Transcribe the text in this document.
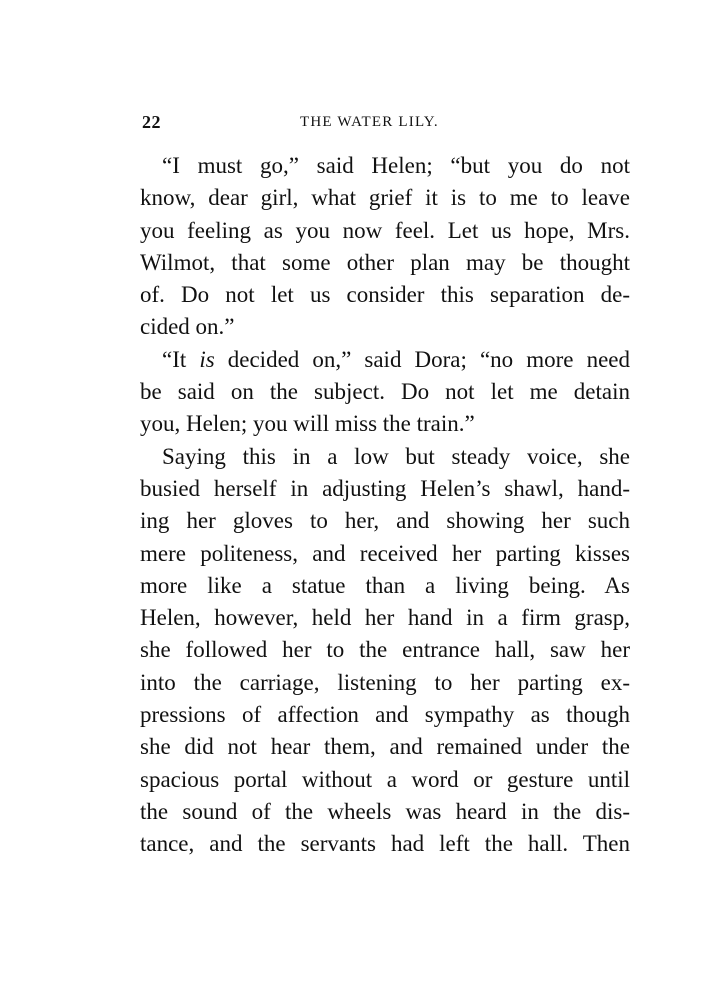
22	THE WATER LILY.
“I must go,” said Helen; “but you do not
know, dear girl, what grief it is to me to leave
you feeling as you now feel. Let us hope, Mrs.
Wilmot, that some other plan may be thought
of. Do not let us consider this separation de-
cided on.”
“It is decided on,” said Dora; “no more need
be said on the subject. Do not let me detain
you, Helen; you will miss the train.”
Saying this in a low but steady voice, she
busied herself in adjusting Helen’s shawl, hand-
ing her gloves to her, and showing her such
mere politeness, and received her parting kisses
more like a statue than a living being. As
Helen, however, held her hand in a firm grasp,
she followed her to the entrance hall, saw her
into the carriage, listening to her parting ex-
pressions of affection and sympathy as though
she did not hear them, and remained under the
spacious portal without a word or gesture until
the sound of the wheels was heard in the dis-
tance, and the servants had left the hall. Then
